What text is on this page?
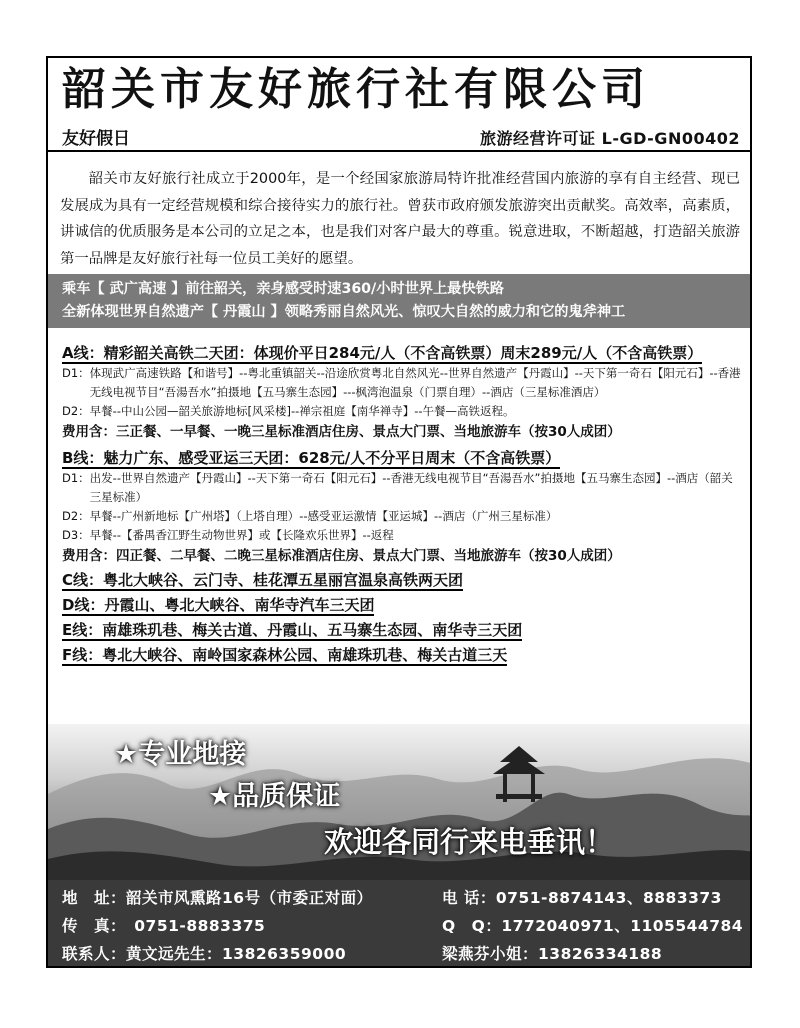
韶关市友好旅行社有限公司
友好假日	旅游经营许可证 L-GD-GN00402
韶关市友好旅行社成立于2000年，是一个经国家旅游局特许批准经营国内旅游的享有自主经营、现已发展成为具有一定经营规模和综合接待实力的旅行社。曾获市政府颁发旅游突出贡献奖。高效率，高素质，讲诚信的优质服务是本公司的立足之本，也是我们对客户最大的尊重。锐意进取，不断超越，打造韶关旅游第一品牌是友好旅行社每一位员工美好的愿望。
乘车【 武广高速 】前往韶关，亲身感受时速360/小时世界上最快铁路
全新体现世界自然遗产【 丹霞山 】领略秀丽自然风光、惊叹大自然的威力和它的鬼斧神工
A线：精彩韶关高铁二天团：体现价平日284元/人（不含高铁票）周末289元/人（不含高铁票）
D1： 体现武广高速铁路【和谐号】--粤北重镇韶关--沿途欣赏粤北自然风光--世界自然遗产【丹霞山】--天下第一奇石【阳元石】--香港无线电视节目“吾湯吾水”拍摄地【五马寨生态园】---枫湾泡温泉（门票自理）--酒店（三星标准酒店）
D2： 早餐--中山公园—韶关旅游地标[风采楼]--禅宗祖庭【南华禅寺】--午餐—高铁返程。
费用含：三正餐、一早餐、一晚三星标准酒店住房、景点大门票、当地旅游车（按30人成团）
B线：魅力广东、感受亚运三天团：628元/人不分平日周末（不含高铁票）
D1： 出发--世界自然遗产【丹霞山】--天下第一奇石【阳元石】--香港无线电视节目“吾湯吾水”拍摄地【五马寨生态园】--酒店（韶关三星标准）
D2： 早餐--广州新地标【广州塔】（上塔自理）--感受亚运激情【亚运城】--酒店（广州三星标准）
D3： 早餐--【番禺香江野生动物世界】或【长隆欢乐世界】--返程
费用含：四正餐、二早餐、二晚三星标准酒店住房、景点大门票、当地旅游车（按30人成团）
C线：粤北大峡谷、云门寺、桂花潭五星丽宫温泉高铁两天团
D线：丹霞山、粤北大峡谷、南华寺汽车三天团
E线：南雄珠玑巷、梅关古道、丹霞山、五马寨生态园、南华寺三天团
F线：粤北大峡谷、南岭国家森林公园、南雄珠玑巷、梅关古道三天
★专业地接
★品质保证
欢迎各同行来电垂讯！
地　址：韶关市风熏路16号（市委正对面）	电 话：0751-8874143、8883373
传　真：　0751-8883375	Q　Q：1772040971、1105544784
联系人：黄文远先生：13826359000	梁燕芬小姐：13826334188
